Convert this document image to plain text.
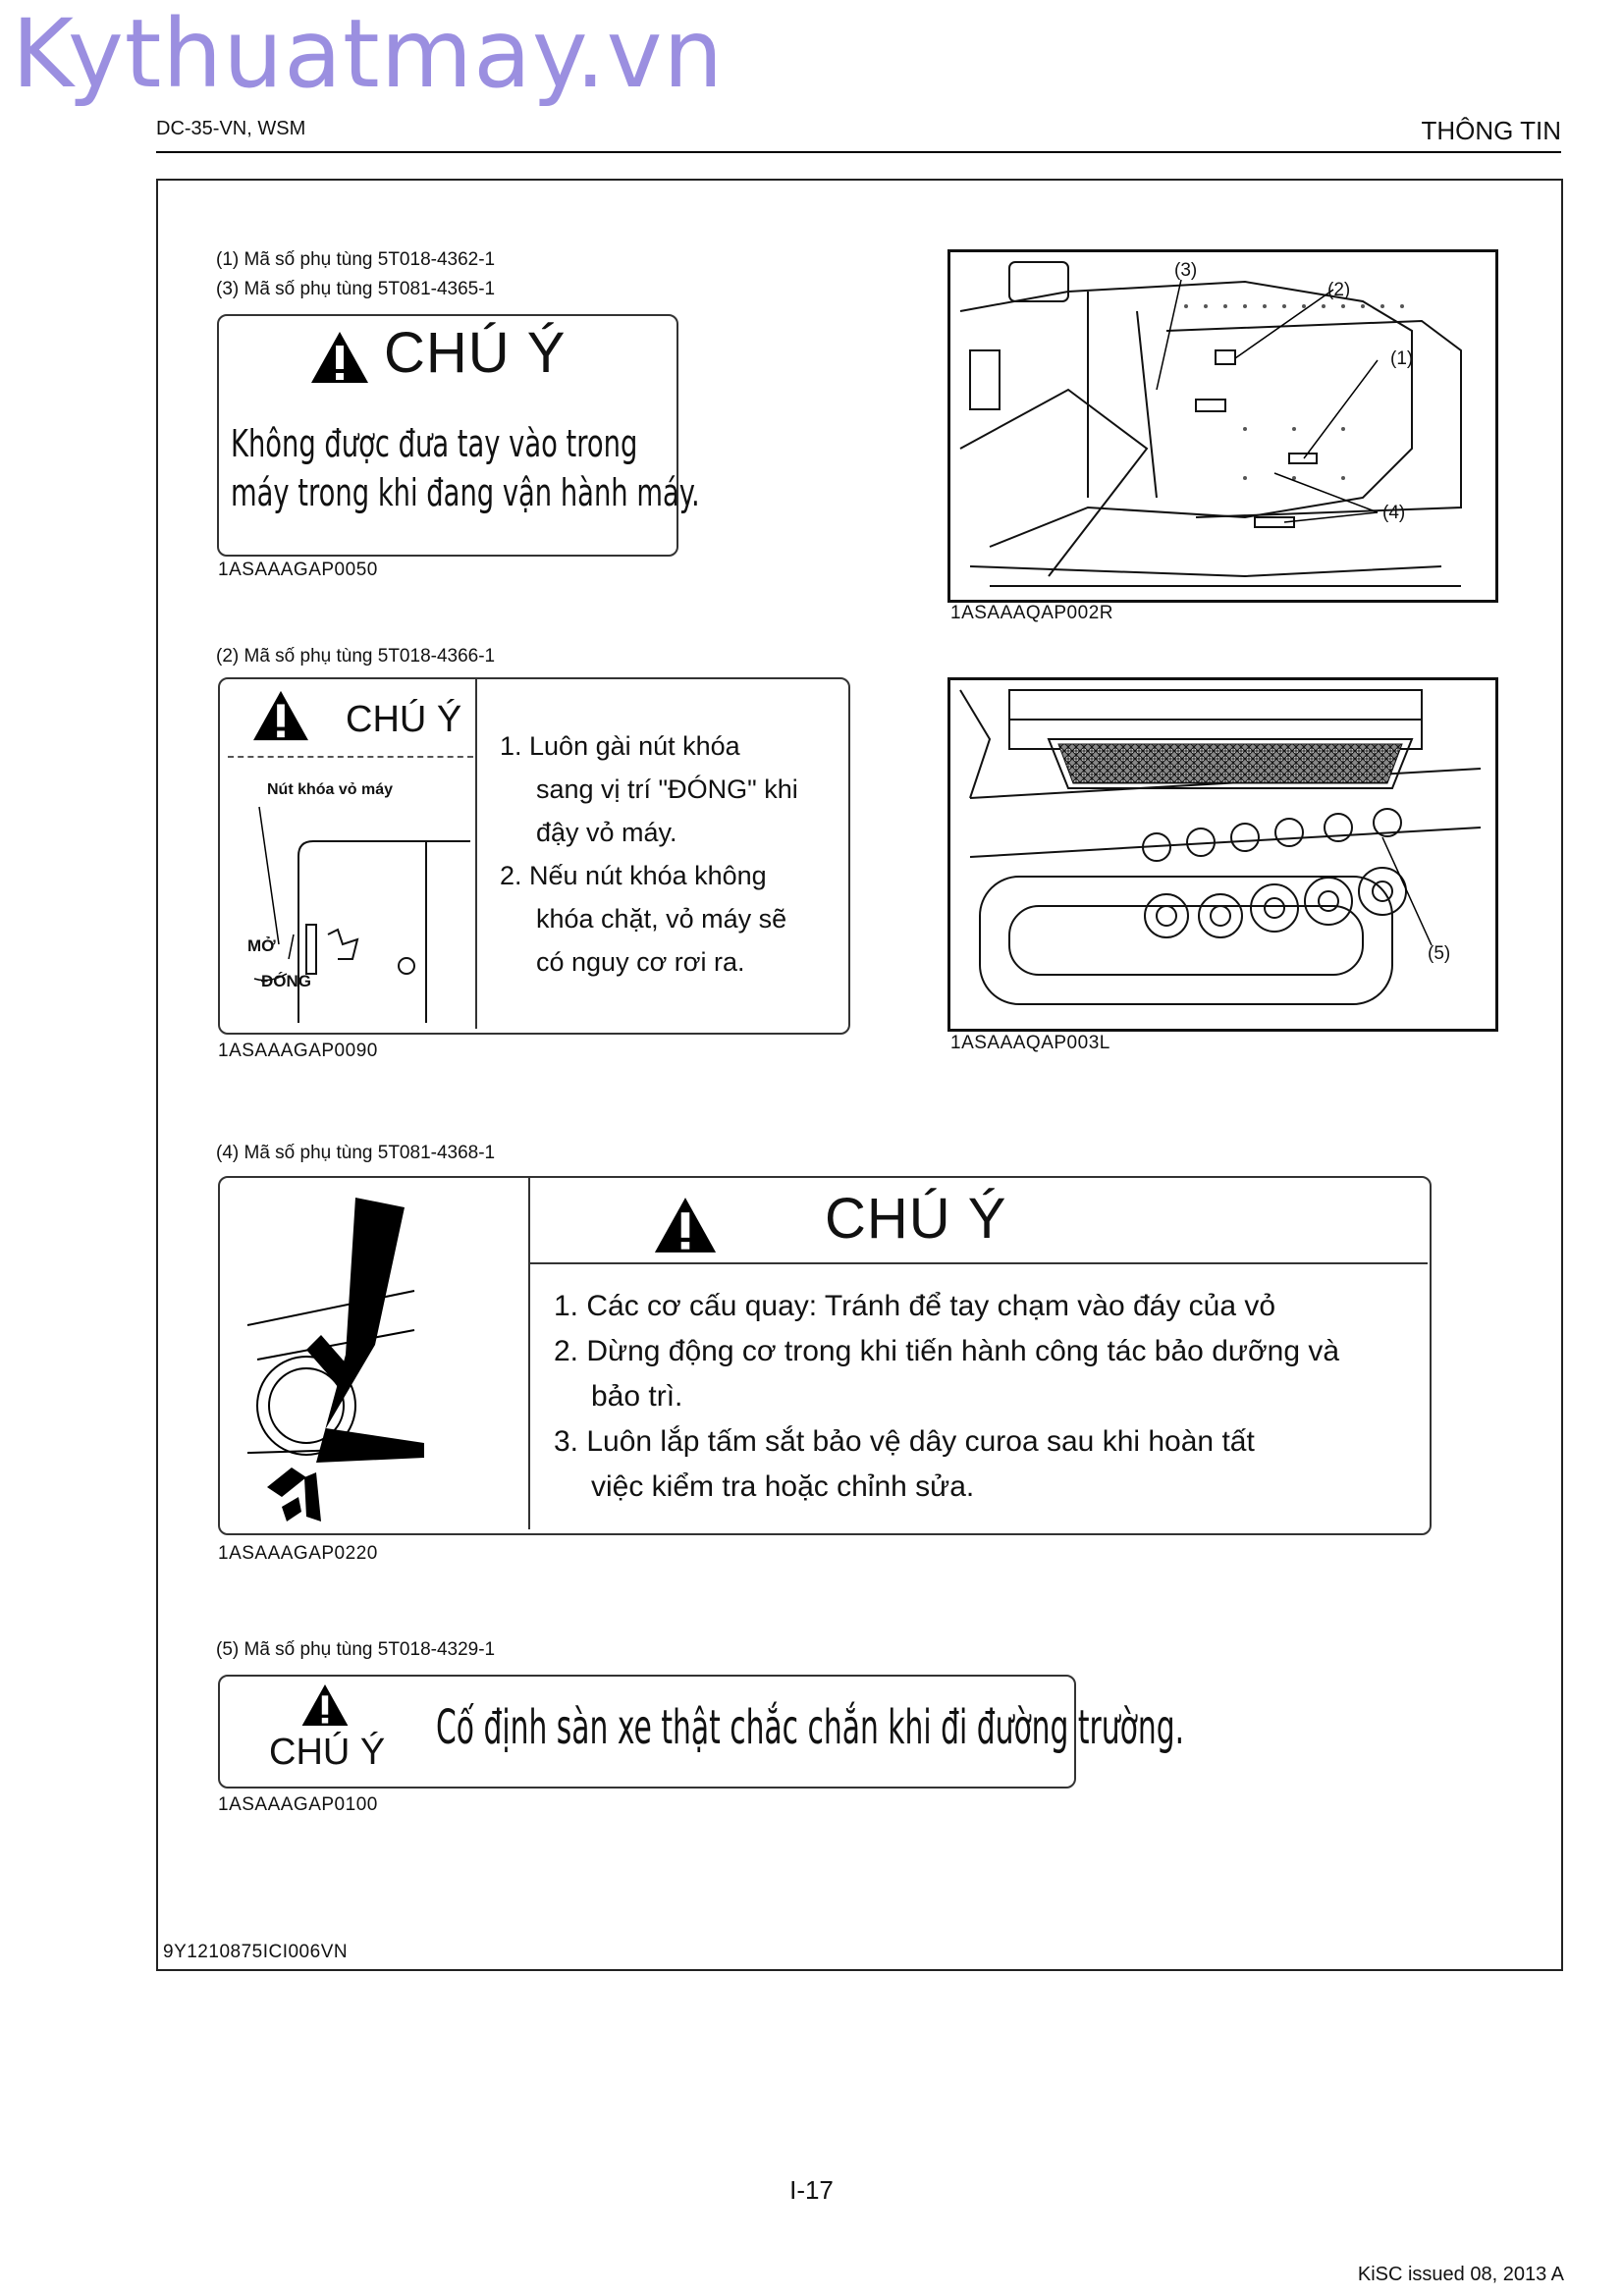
Kythuatmay.vn
DC-35-VN, WSM	THÔNG TIN
(1) Mã số phụ tùng 5T018-4362-1
(3) Mã số phụ tùng 5T081-4365-1
CHÚ Ý
Không được đưa tay vào trong
máy trong khi đang vận hành máy.
1ASAAAGAP0050
(3)
(2)
(1)
(4)
1ASAAAQAP002R
(2) Mã số phụ tùng 5T018-4366-1
CHÚ Ý
Nút khóa vỏ máy
MỞ
ĐÓNG
1. Luôn gài nút khóa
sang vị trí "ĐÓNG" khi
đậy vỏ máy.
2. Nếu nút khóa không
khóa chặt, vỏ máy sẽ
có nguy cơ rơi ra.
1ASAAAGAP0090
(5)
1ASAAAQAP003L
(4) Mã số phụ tùng 5T081-4368-1
CHÚ Ý
1. Các cơ cấu quay: Tránh để tay chạm vào đáy của vỏ
2. Dừng động cơ trong khi tiến hành công tác bảo dưỡng và
bảo trì.
3. Luôn lắp tấm sắt bảo vệ dây curoa sau khi hoàn tất
việc kiểm tra hoặc chỉnh sửa.
1ASAAAGAP0220
(5) Mã số phụ tùng 5T018-4329-1
CHÚ Ý Cố định sàn xe thật chắc chắn khi đi đường trường.
1ASAAAGAP0100
9Y1210875ICI006VN
I-17
KiSC issued 08, 2013 A
